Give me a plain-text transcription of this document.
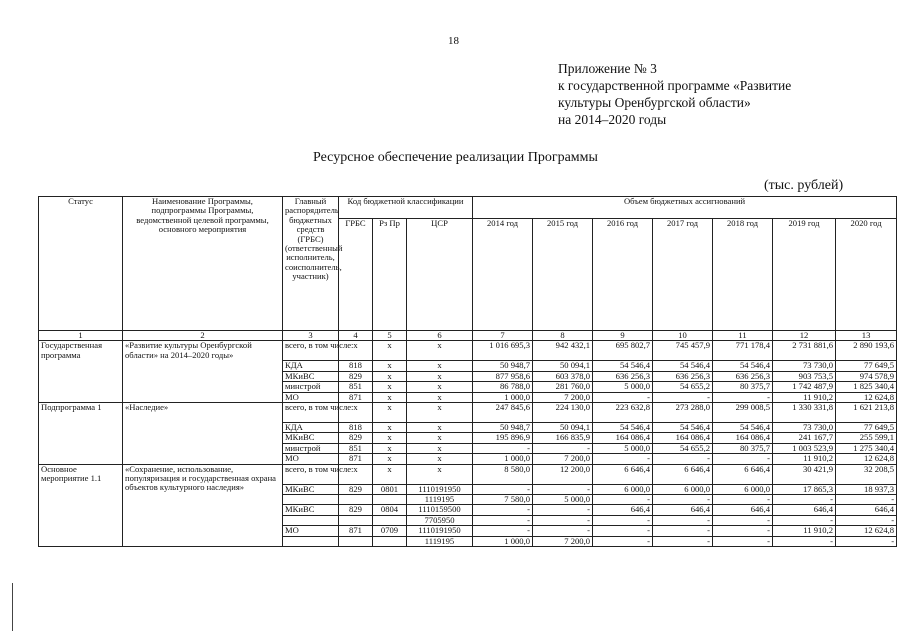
18
Приложение № 3
к государственной программе «Развитие
культуры Оренбургской области»
на 2014–2020 годы
Ресурсное обеспечение реализации Программы
(тыс. рублей)
Статус	Наименование Программы, подпрограммы Программы, ведомственной целевой программы, основного мероприятия	Главный распорядитель бюджетных средств (ГРБС) (ответственный исполнитель, соисполнитель, участник)	Код бюджетной классификации			Объем бюджетных ассигнований						
			ГРБС	Рз Пр	ЦСР	2014 год	2015 год	2016 год	2017 год	2018 год	2019 год	2020 год
1	2	3	4	5	6	7	8	9	10	11	12	13
Государственная программа	«Развитие культуры Оренбургской области» на 2014–2020 годы»	всего, в том числе:	х	х	х	1 016 695,3	942 432,1	695 802,7	745 457,9	771 178,4	2 731 881,6	2 890 193,6
		КДА	818	х	х	50 948,7	50 094,1	54 546,4	54 546,4	54 546,4	73 730,0	77 649,5
		МКиВС	829	х	х	877 958,6	603 378,0	636 256,3	636 256,3	636 256,3	903 753,5	974 578,9
		минстрой	851	х	х	86 788,0	281 760,0	5 000,0	54 655,2	80 375,7	1 742 487,9	1 825 340,4
		МО	871	х	х	1 000,0	7 200,0	-	-	-	11 910,2	12 624,8
Подпрограмма 1	«Наследие»	всего, в том числе:	х	х	х	247 845,6	224 130,0	223 632,8	273 288,0	299 008,5	1 330 331,8	1 621 213,8
		КДА	818	х	х	50 948,7	50 094,1	54 546,4	54 546,4	54 546,4	73 730,0	77 649,5
		МКиВС	829	х	х	195 896,9	166 835,9	164 086,4	164 086,4	164 086,4	241 167,7	255 599,1
		минстрой	851	х	х	-	-	5 000,0	54 655,2	80 375,7	1 003 523,9	1 275 340,4
		МО	871	х	х	1 000,0	7 200,0	-	-	-	11 910,2	12 624,8
Основное мероприятие 1.1	«Сохранение, использование, популяризация и государственная охрана объектов культурного наследия»	всего, в том числе:	х	х	х	8 580,0	12 200,0	6 646,4	6 646,4	6 646,4	30 421,9	32 208,5
		МКиВС	829	0801	1110191950	-	-	6 000,0	6 000,0	6 000,0	17 865,3	18 937,3
					1119195	7 580,0	5 000,0	-	-	-	-	-
		МКиВС	829	0804	1110159500	-	-	646,4	646,4	646,4	646,4	646,4
					7705950	-	-	-	-	-	-	-
		МО	871	0709	1110191950	-	-	-	-	-	11 910,2	12 624,8
					1119195	1 000,0	7 200,0	-	-	-	-	-
